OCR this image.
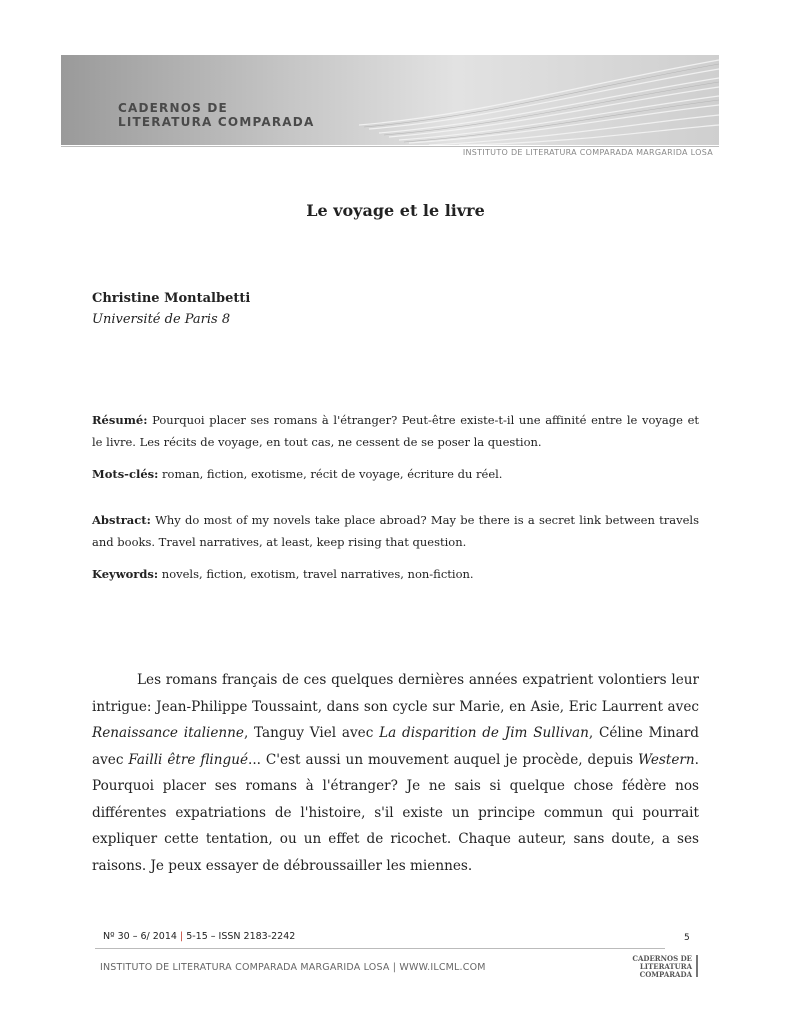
CADERNOS DE
LITERATURA COMPARADA
INSTITUTO DE LITERATURA COMPARADA MARGARIDA LOSA
Le voyage et le livre
Christine Montalbetti
Université de Paris 8
Résumé: Pourquoi placer ses romans à l'étranger? Peut-être existe-t-il une affinité entre le voyage et le livre. Les récits de voyage, en tout cas, ne cessent de se poser la question.
Mots-clés: roman, fiction, exotisme, récit de voyage, écriture du réel.
Abstract: Why do most of my novels take place abroad? May be there is a secret link between travels and books. Travel narratives, at least, keep rising that question.
Keywords: novels, fiction, exotism, travel narratives, non-fiction.
Les romans français de ces quelques dernières années expatrient volontiers leur intrigue: Jean-Philippe Toussaint, dans son cycle sur Marie, en Asie, Eric Laurrent avec Renaissance italienne, Tanguy Viel avec La disparition de Jim Sullivan, Céline Minard avec Failli être flingué... C'est aussi un mouvement auquel je procède, depuis Western. Pourquoi placer ses romans à l'étranger? Je ne sais si quelque chose fédère nos différentes expatriations de l'histoire, s'il existe un principe commun qui pourrait expliquer cette tentation, ou un effet de ricochet. Chaque auteur, sans doute, a ses raisons. Je peux essayer de débroussailler les miennes.
Nº 30 – 6/ 2014 | 5-15 – ISSN 2183-2242	5
INSTITUTO DE LITERATURA COMPARADA MARGARIDA LOSA | WWW.ILCML.COM
CADERNOS DE
LITERATURA COMPARADA
